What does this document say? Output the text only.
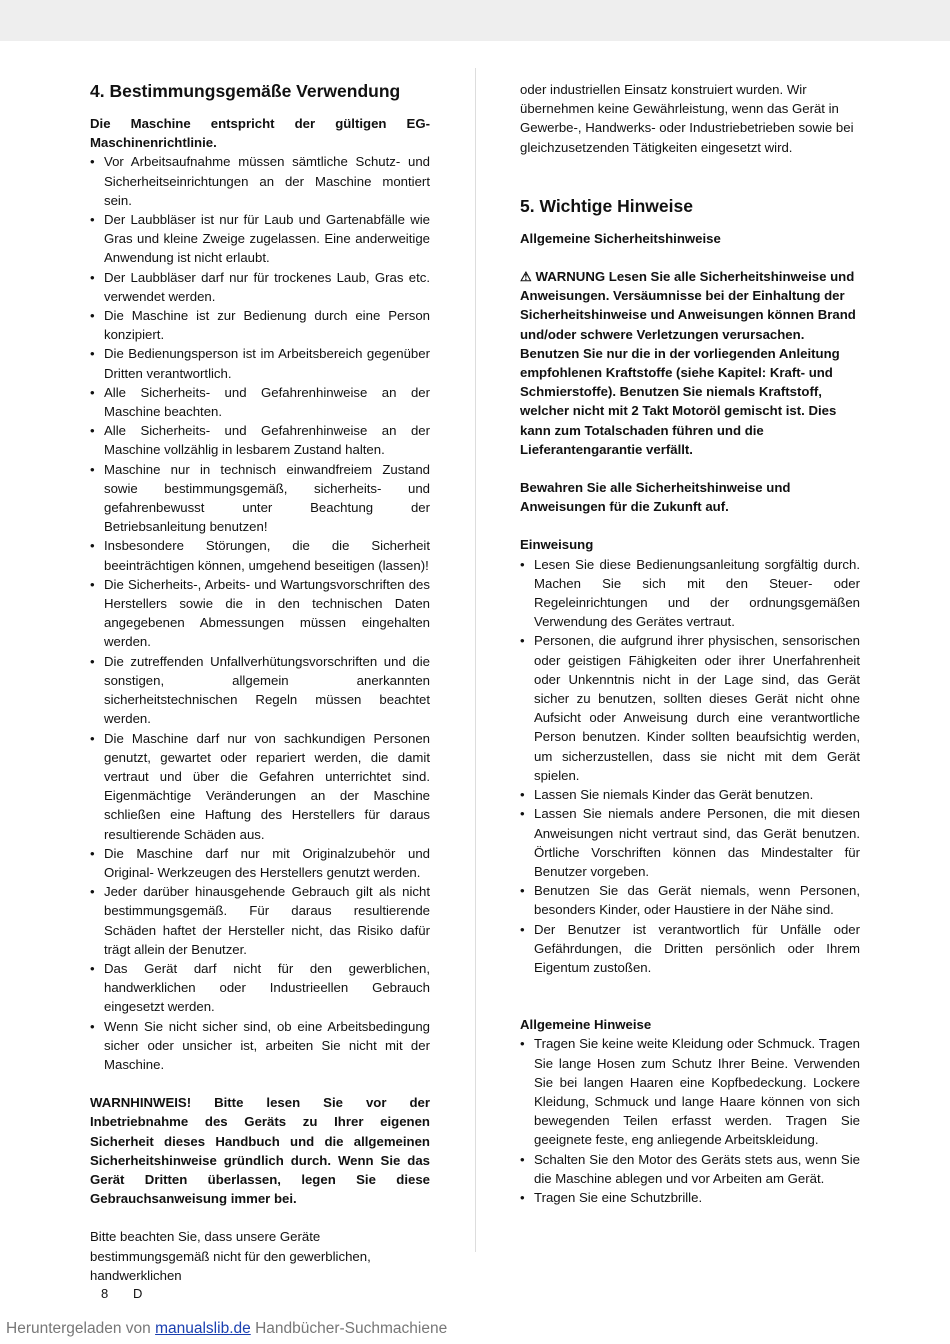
4. Bestimmungsgemäße Verwendung

Die Maschine entspricht der gültigen EG-Maschinenrichtlinie.

• Vor Arbeitsaufnahme müssen sämtliche Schutz- und Sicherheitseinrichtungen an der Maschine montiert sein.
• Der Laubbläser ist nur für Laub und Gartenabfälle wie Gras und kleine Zweige zugelassen. Eine anderweitige Anwendung ist nicht erlaubt.
• Der Laubbläser darf nur für trockenes Laub, Gras etc. verwendet werden.
• Die Maschine ist zur Bedienung durch eine Person konzipiert.
• Die Bedienungsperson ist im Arbeitsbereich gegenüber Dritten verantwortlich.
• Alle Sicherheits- und Gefahrenhinweise an der Maschine beachten.
• Alle Sicherheits- und Gefahrenhinweise an der Maschine vollzählig in lesbarem Zustand halten.
• Maschine nur in technisch einwandfreiem Zustand sowie bestimmungsgemäß, sicherheits- und gefahrenbewusst unter Beachtung der Betriebsanleitung benutzen!
• Insbesondere Störungen, die die Sicherheit beeinträchtigen können, umgehend beseitigen (lassen)!
• Die Sicherheits-, Arbeits- und Wartungsvorschriften des Herstellers sowie die in den technischen Daten angegebenen Abmessungen müssen eingehalten werden.
• Die zutreffenden Unfallverhütungsvorschriften und die sonstigen, allgemein anerkannten sicherheitstechnischen Regeln müssen beachtet werden.
• Die Maschine darf nur von sachkundigen Personen genutzt, gewartet oder repariert werden, die damit vertraut und über die Gefahren unterrichtet sind. Eigenmächtige Veränderungen an der Maschine schließen eine Haftung des Herstellers für daraus resultierende Schäden aus.
• Die Maschine darf nur mit Originalzubehör und Original- Werkzeugen des Herstellers genutzt werden.
• Jeder darüber hinausgehende Gebrauch gilt als nicht bestimmungsgemäß. Für daraus resultierende Schäden haftet der Hersteller nicht, das Risiko dafür trägt allein der Benutzer.
• Das Gerät darf nicht für den gewerblichen, handwerklichen oder Industrieellen Gebrauch eingesetzt werden.
• Wenn Sie nicht sicher sind, ob eine Arbeitsbedingung sicher oder unsicher ist, arbeiten Sie nicht mit der Maschine.

WARNHINWEIS! Bitte lesen Sie vor der Inbetriebnahme des Geräts zu Ihrer eigenen Sicherheit dieses Handbuch und die allgemeinen Sicherheitshinweise gründlich durch. Wenn Sie das Gerät Dritten überlassen, legen Sie diese Gebrauchsanweisung immer bei.

Bitte beachten Sie, dass unsere Geräte bestimmungsgemäß nicht für den gewerblichen, handwerklichen

oder industriellen Einsatz konstruiert wurden. Wir übernehmen keine Gewährleistung, wenn das Gerät in Gewerbe-, Handwerks- oder Industriebetrieben sowie bei gleichzusetzenden Tätigkeiten eingesetzt wird.

5. Wichtige Hinweise

Allgemeine Sicherheitshinweise

⚠ WARNUNG Lesen Sie alle Sicherheitshinweise und Anweisungen. Versäumnisse bei der Einhaltung der Sicherheitshinweise und Anweisungen können Brand und/oder schwere Verletzungen verursachen. Benutzen Sie nur die in der vorliegenden Anleitung empfohlenen Kraftstoffe (siehe Kapitel: Kraft- und Schmierstoffe). Benutzen Sie niemals Kraftstoff, welcher nicht mit 2 Takt Motoröl gemischt ist. Dies kann zum Totalschaden führen und die Lieferantengarantie verfällt.

Bewahren Sie alle Sicherheitshinweise und Anweisungen für die Zukunft auf.

Einweisung

• Lesen Sie diese Bedienungsanleitung sorgfältig durch. Machen Sie sich mit den Steuer- oder Regeleinrichtungen und der ordnungsgemäßen Verwendung des Gerätes vertraut.
• Personen, die aufgrund ihrer physischen, sensorischen oder geistigen Fähigkeiten oder ihrer Unerfahrenheit oder Unkenntnis nicht in der Lage sind, das Gerät sicher zu benutzen, sollten dieses Gerät nicht ohne Aufsicht oder Anweisung durch eine verantwortliche Person benutzen. Kinder sollten beaufsichtig werden, um sicherzustellen, dass sie nicht mit dem Gerät spielen.
• Lassen Sie niemals Kinder das Gerät benutzen.
• Lassen Sie niemals andere Personen, die mit diesen Anweisungen nicht vertraut sind, das Gerät benutzen. Örtliche Vorschriften können das Mindestalter für Benutzer vorgeben.
• Benutzen Sie das Gerät niemals, wenn Personen, besonders Kinder, oder Haustiere in der Nähe sind.
• Der Benutzer ist verantwortlich für Unfälle oder Gefährdungen, die Dritten persönlich oder Ihrem Eigentum zustoßen.

Allgemeine Hinweise

• Tragen Sie keine weite Kleidung oder Schmuck. Tragen Sie lange Hosen zum Schutz Ihrer Beine. Verwenden Sie bei langen Haaren eine Kopfbedeckung. Lockere Kleidung, Schmuck und lange Haare können von sich bewegenden Teilen erfasst werden. Tragen Sie geeignete feste, eng anliegende Arbeitskleidung.
• Schalten Sie den Motor des Geräts stets aus, wenn Sie die Maschine ablegen und vor Arbeiten am Gerät.
• Tragen Sie eine Schutzbrille.
8 D
Heruntergeladen von manualslib.de Handbücher-Suchmachiene
